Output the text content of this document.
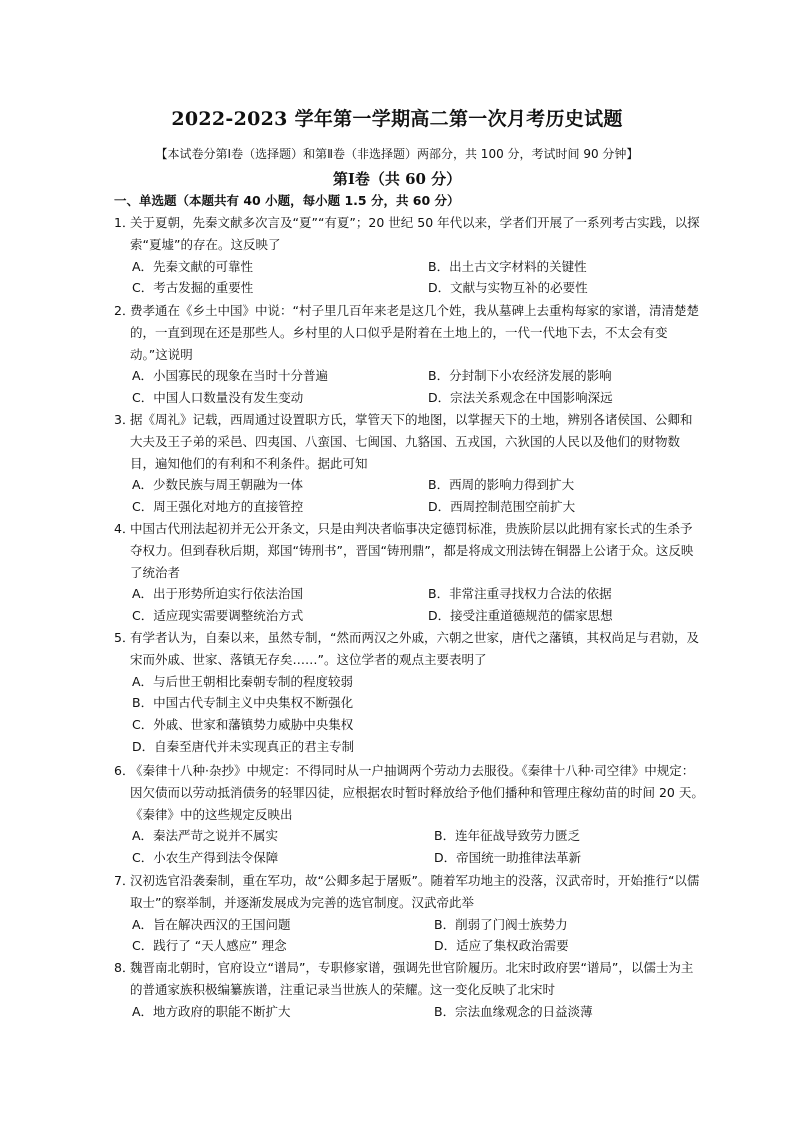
2022-2023 学年第一学期高二第一次月考历史试题
【本试卷分第Ⅰ卷（选择题）和第Ⅱ卷（非选择题）两部分，共 100 分，考试时间 90 分钟】
第Ⅰ卷（共 60 分）
一、单选题（本题共有 40 小题，每小题 1.5 分，共 60 分）
1．
关于夏朝，先秦文献多次言及“夏”“有夏”；20 世纪 50 年代以来，学者们开展了一系列考古实践，以探索“夏墟”的存在。这反映了
A．先秦文献的可靠性	B．出土古文字材料的关键性
C．考古发掘的重要性	D．文献与实物互补的必要性
2．
费孝通在《乡土中国》中说：“村子里几百年来老是这几个姓，我从墓碑上去重构每家的家谱，清清楚楚的，一直到现在还是那些人。乡村里的人口似乎是附着在土地上的，一代一代地下去，不太会有变动。”这说明
A．小国寡民的现象在当时十分普遍	B．分封制下小农经济发展的影响
C．中国人口数量没有发生变动	D．宗法关系观念在中国影响深远
3．
据《周礼》记载，西周通过设置职方氏，掌管天下的地图，以掌握天下的土地，辨别各诸侯国、公卿和大夫及王子弟的采邑、四夷国、八蛮国、七闽国、九貉国、五戎国，六狄国的人民以及他们的财物数目，遍知他们的有利和不利条件。据此可知
A．少数民族与周王朝融为一体	B．西周的影响力得到扩大
C．周王强化对地方的直接管控	D．西周控制范围空前扩大
4．
中国古代刑法起初并无公开条文，只是由判决者临事决定德罚标准，贵族阶层以此拥有家长式的生杀予夺权力。但到春秋后期，郑国“铸刑书”，晋国“铸刑鼎”，都是将成文刑法铸在铜器上公诸于众。这反映了统治者
A．出于形势所迫实行依法治国	B．非常注重寻找权力合法的依据
C．适应现实需要调整统治方式	D．接受注重道德规范的儒家思想
5．
有学者认为，自秦以来，虽然专制，“然而两汉之外戚，六朝之世家，唐代之藩镇，其权尚足与君勍，及宋而外戚、世家、落镇无存矣……”。这位学者的观点主要表明了
A．与后世王朝相比秦朝专制的程度较弱
B．中国古代专制主义中央集权不断强化
C．外戚、世家和藩镇势力威胁中央集权
D．自秦至唐代并未实现真正的君主专制
6．
《秦律十八种·杂抄》中规定：不得同时从一户抽调两个劳动力去服役。《秦律十八种·司空律》中规定：因欠债而以劳动抵消债务的轻罪囚徒，应根据农时暂时释放给予他们播种和管理庄稼幼苗的时间 20 天。《秦律》中的这些规定反映出
A．秦法严苛之说并不属实	B．连年征战导致劳力匮乏
C．小农生产得到法令保障	D．帝国统一助推律法革新
7．
汉初选官沿袭秦制，重在军功，故“公卿多起于屠贩”。随着军功地主的没落，汉武帝时，开始推行“以儒取士”的察举制，并逐渐发展成为完善的选官制度。汉武帝此举
A．旨在解决西汉的王国问题	B．削弱了门阀士族势力
C．践行了 “天人感应” 理念	D．适应了集权政治需要
8．
魏晋南北朝时，官府设立“谱局”，专职修家谱，强调先世官阶履历。北宋时政府罢“谱局”，以儒士为主的普通家族积极编纂族谱，注重记录当世族人的荣耀。这一变化反映了北宋时
A．地方政府的职能不断扩大	B．宗法血缘观念的日益淡薄
